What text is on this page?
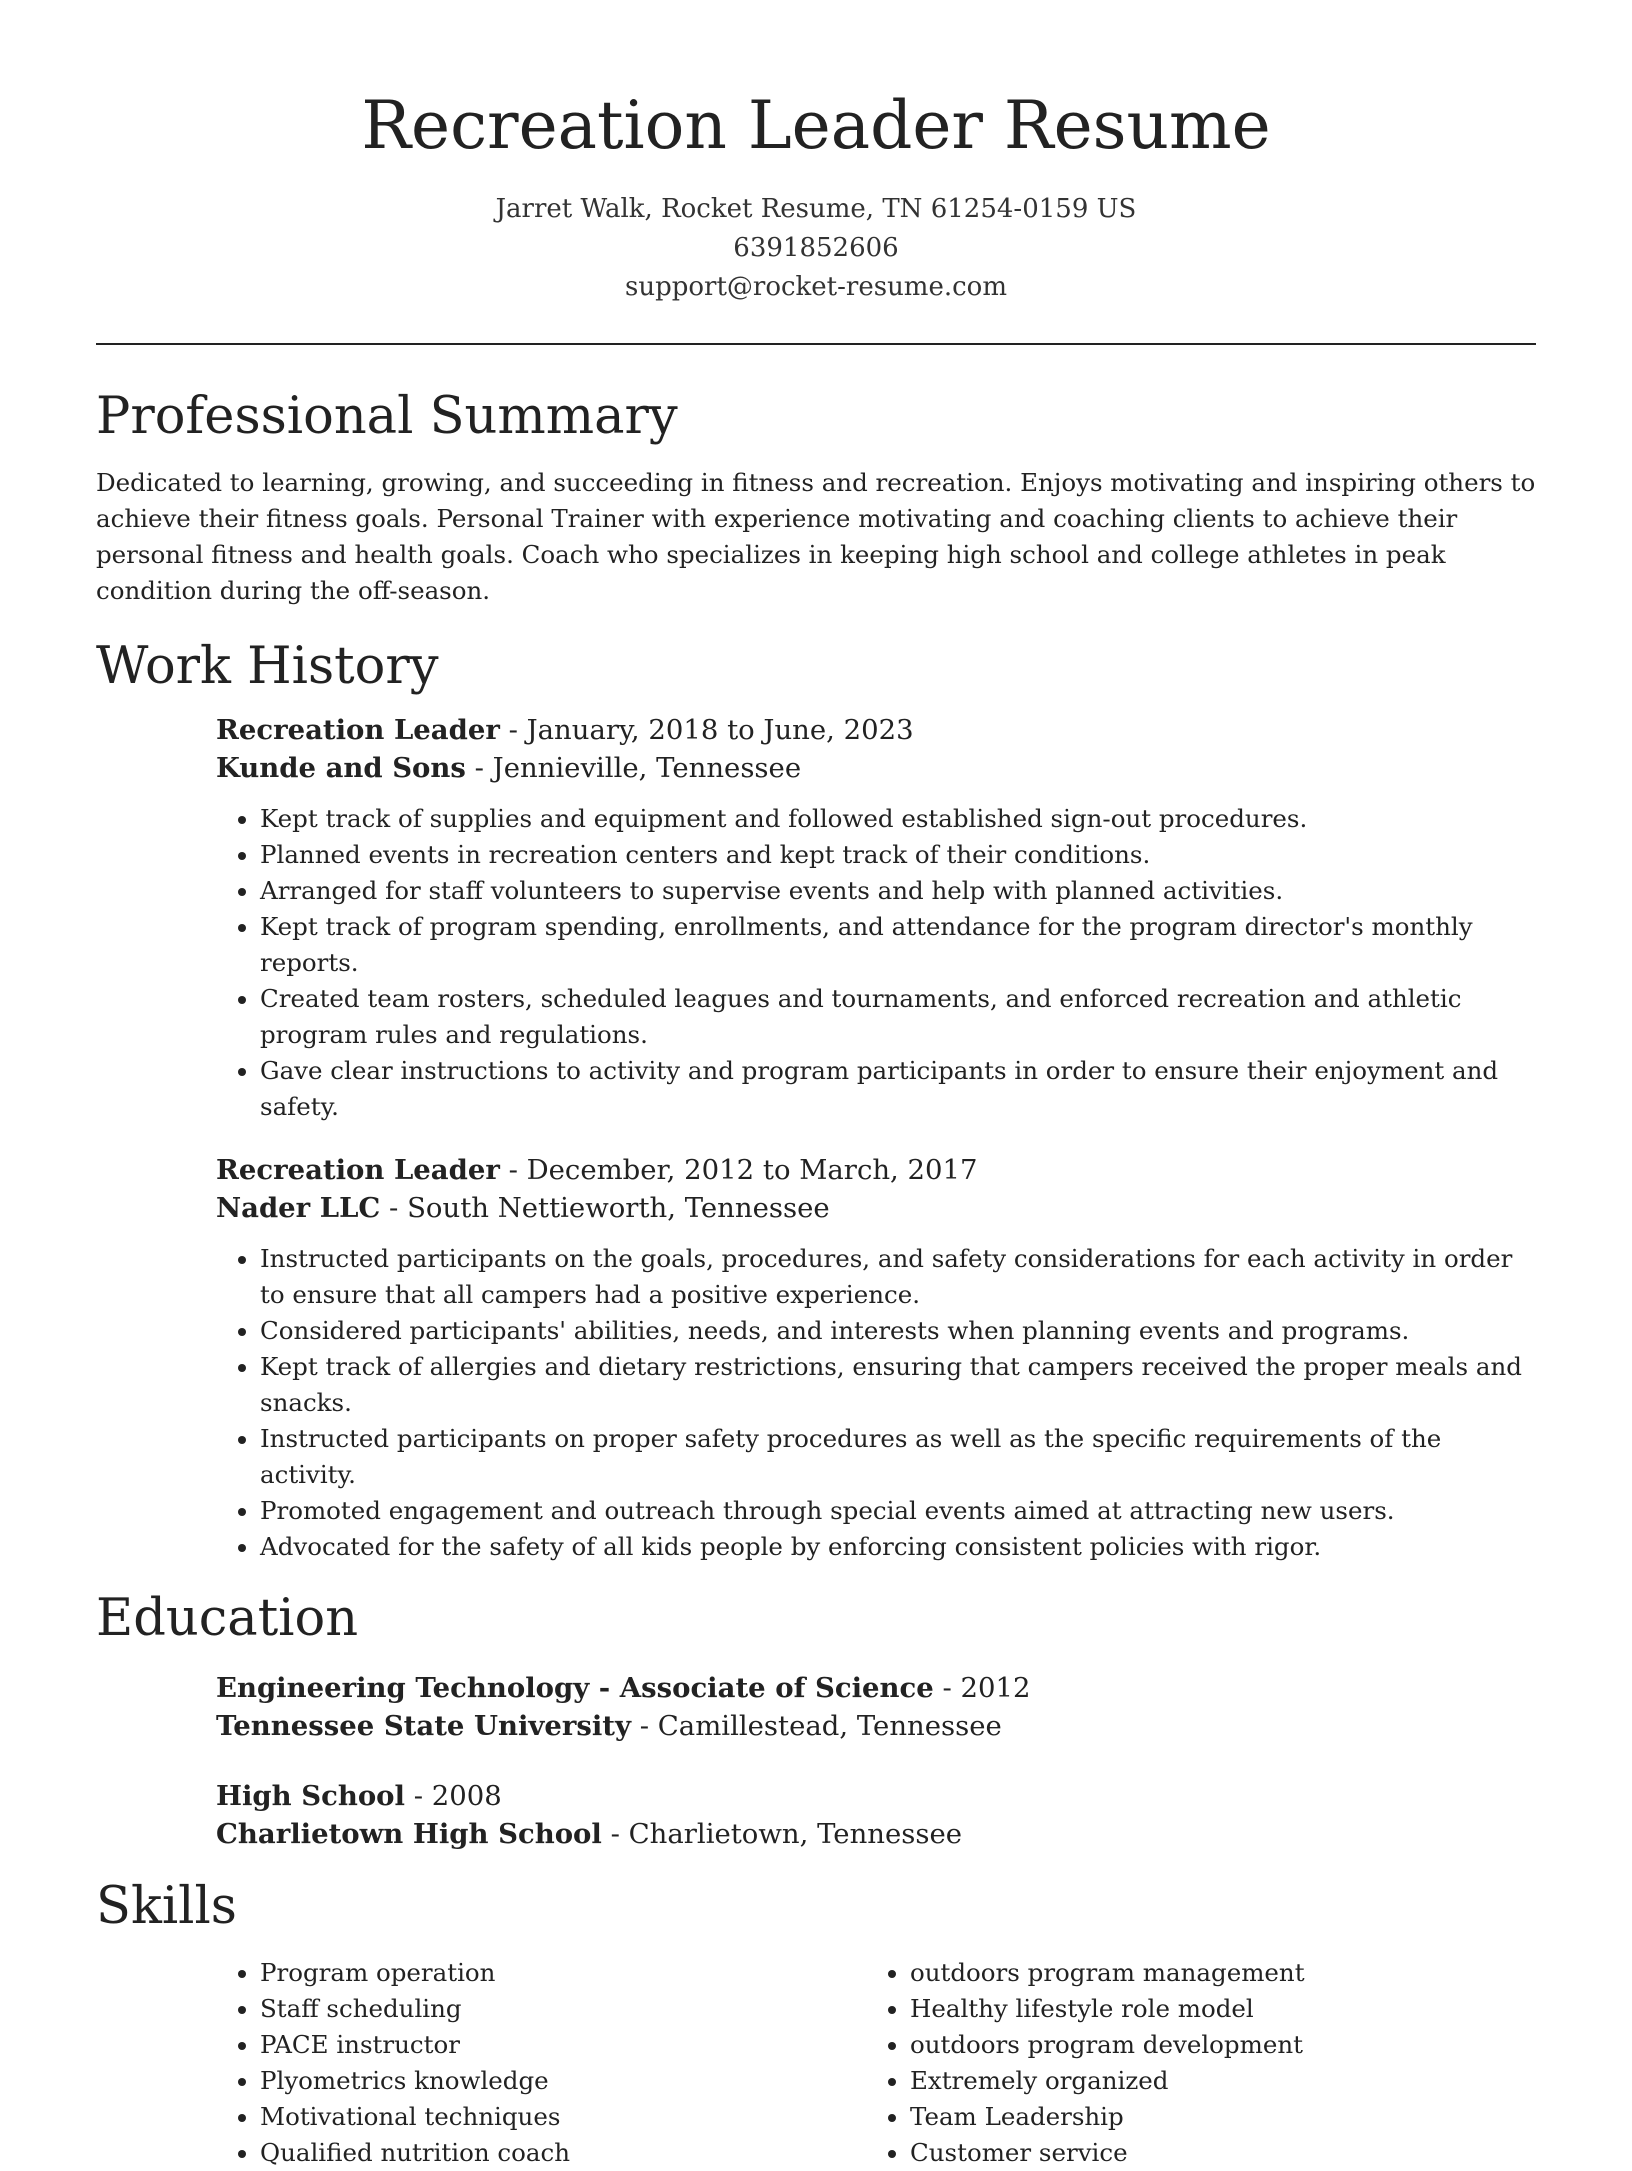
Recreation Leader Resume
Jarret Walk, Rocket Resume, TN 61254-0159 US
6391852606
support@rocket-resume.com
Professional Summary

Dedicated to learning, growing, and succeeding in fitness and recreation. Enjoys motivating and inspiring others to achieve their fitness goals. Personal Trainer with experience motivating and coaching clients to achieve their personal fitness and health goals. Coach who specializes in keeping high school and college athletes in peak condition during the off-season.

Work History

Recreation Leader - January, 2018 to June, 2023

Kunde and Sons - Jennieville, Tennessee

• Kept track of supplies and equipment and followed established sign-out procedures.
• Planned events in recreation centers and kept track of their conditions.
• Arranged for staff volunteers to supervise events and help with planned activities.
• Kept track of program spending, enrollments, and attendance for the program director's monthly reports.
• Created team rosters, scheduled leagues and tournaments, and enforced recreation and athletic program rules and regulations.
• Gave clear instructions to activity and program participants in order to ensure their enjoyment and safety.

Recreation Leader - December, 2012 to March, 2017

Nader LLC - South Nettieworth, Tennessee

• Instructed participants on the goals, procedures, and safety considerations for each activity in order to ensure that all campers had a positive experience.
• Considered participants' abilities, needs, and interests when planning events and programs.
• Kept track of allergies and dietary restrictions, ensuring that campers received the proper meals and snacks.
• Instructed participants on proper safety procedures as well as the specific requirements of the activity.
• Promoted engagement and outreach through special events aimed at attracting new users.
• Advocated for the safety of all kids people by enforcing consistent policies with rigor.
Education

Engineering Technology - Associate of Science - 2012

Tennessee State University - Camillestead, Tennessee

High School - 2008

Charlietown High School - Charlietown, Tennessee

Skills
• Program operation
• Staff scheduling
• PACE instructor
• Plyometrics knowledge
• Motivational techniques
• Qualified nutrition coach
• outdoors program management
• Healthy lifestyle role model
• outdoors program development
• Extremely organized
• Team Leadership
• Customer service
